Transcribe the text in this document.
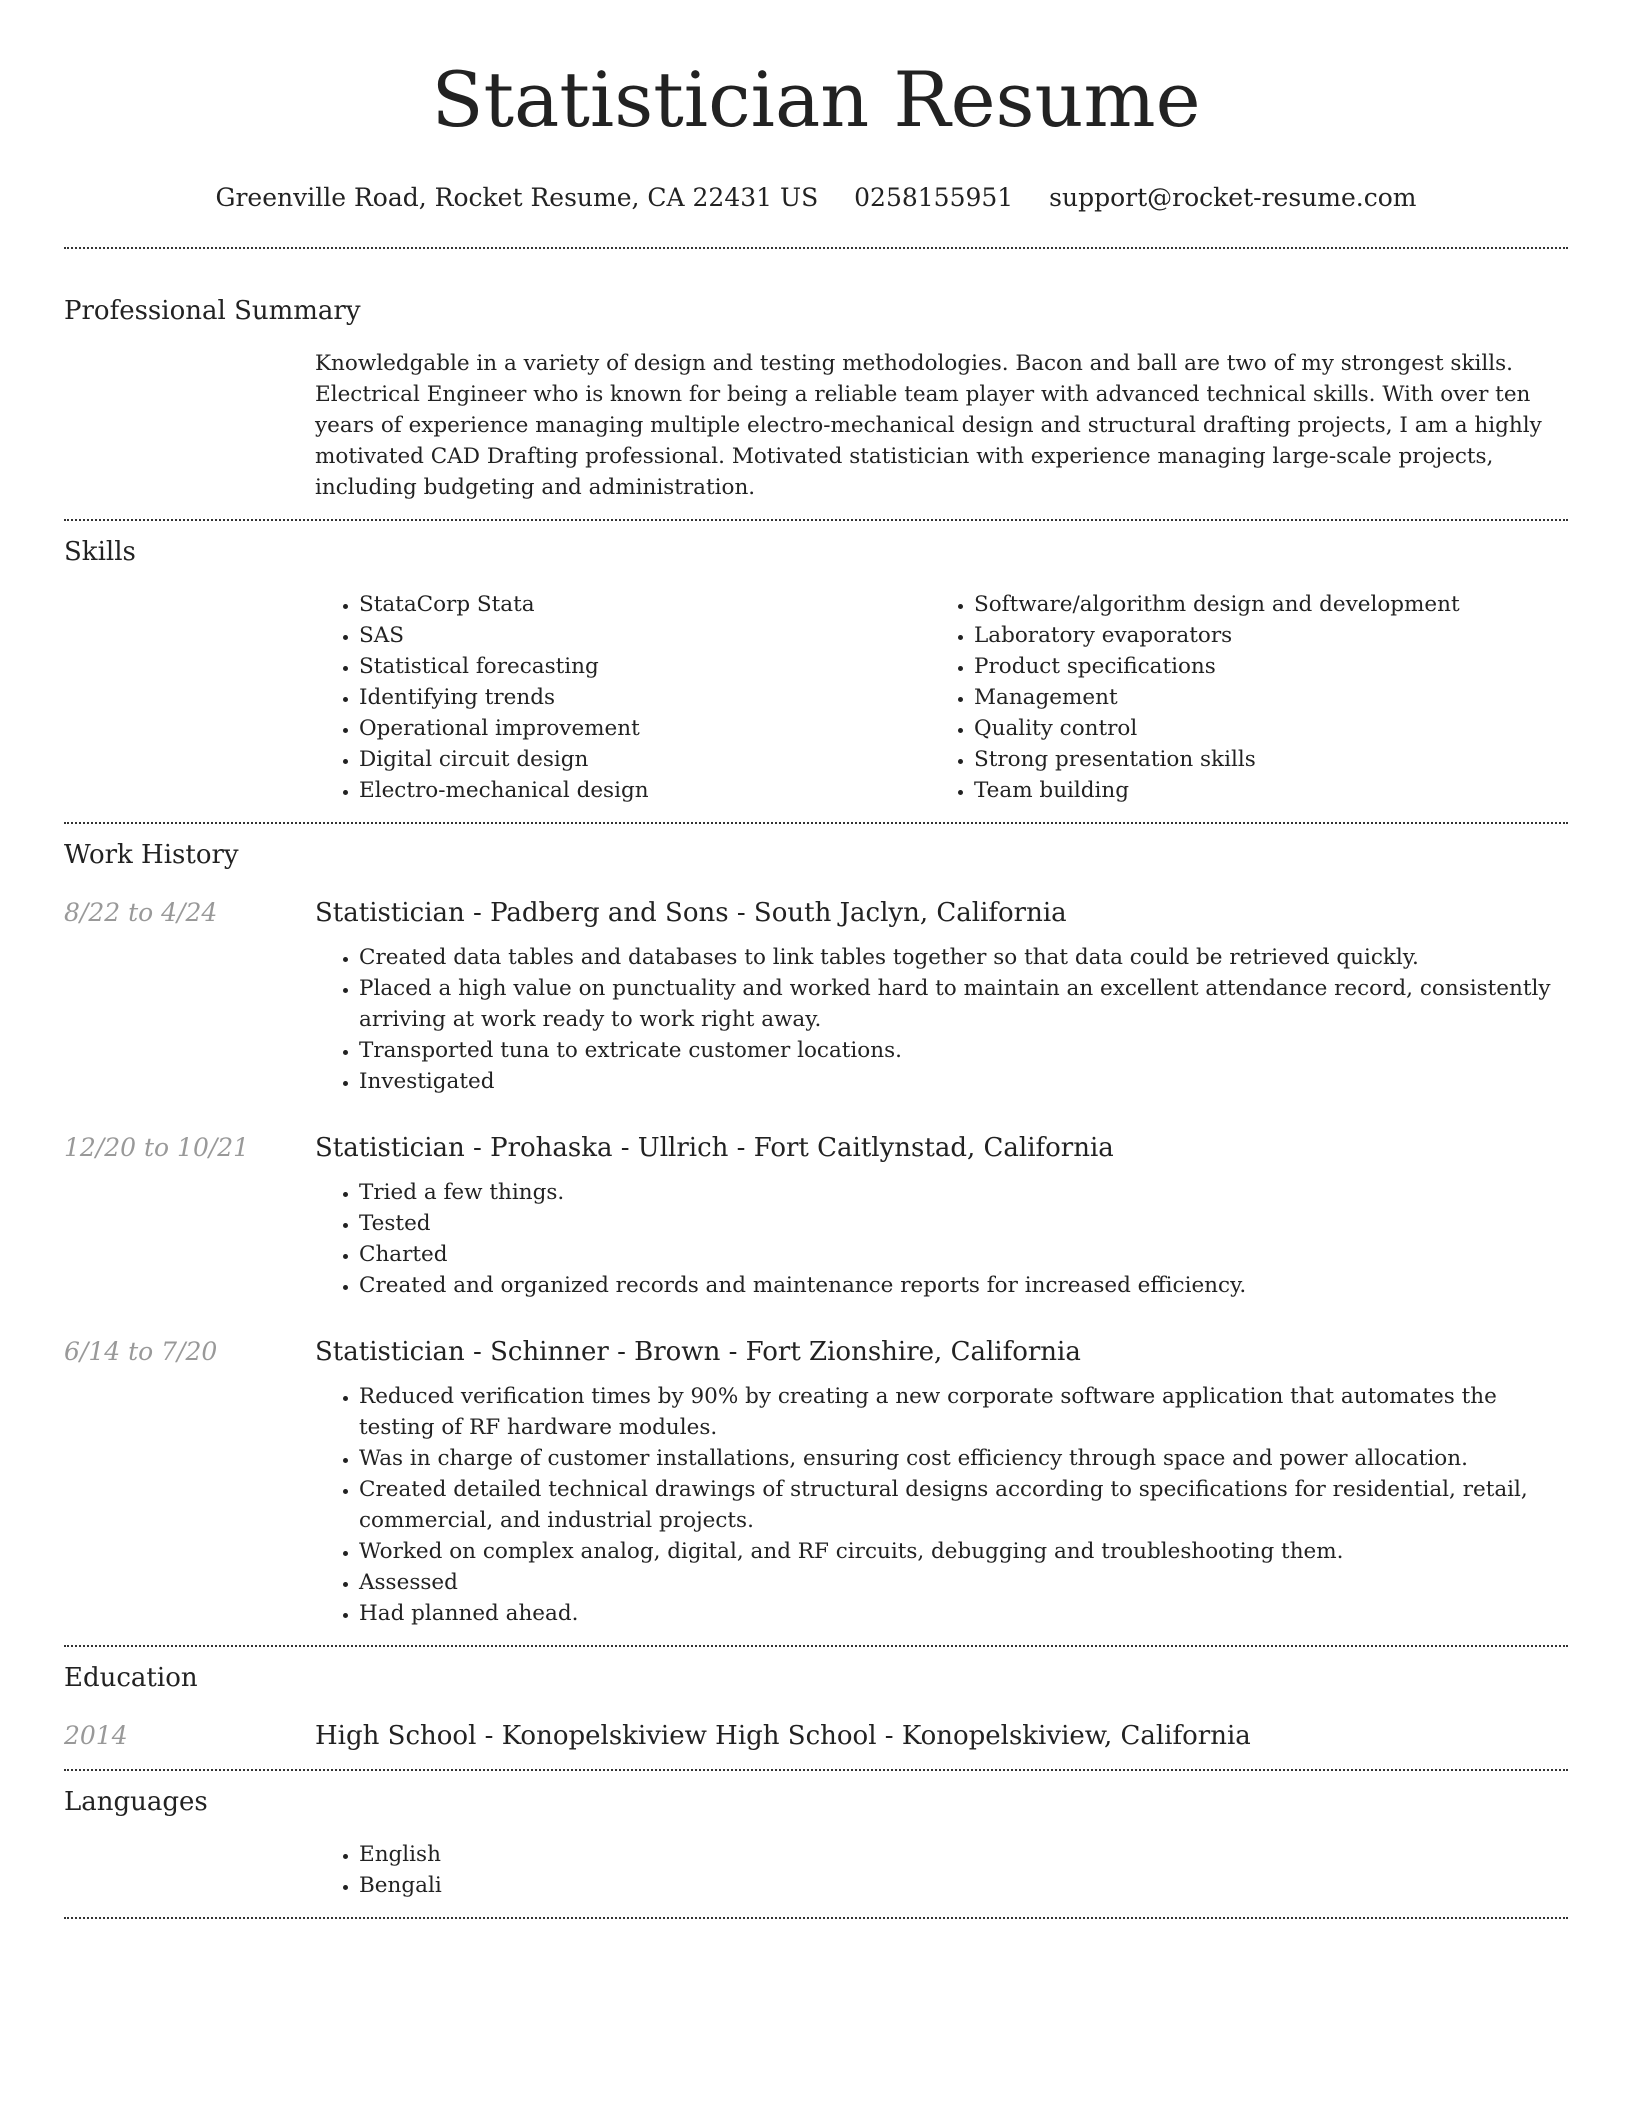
Statistician Resume
Greenville Road, Rocket Resume, CA 22431 US 0258155951 support@rocket-resume.com
Professional Summary
Knowledgable in a variety of design and testing methodologies. Bacon and ball are two of my strongest skills. Electrical Engineer who is known for being a reliable team player with advanced technical skills. With over ten years of experience managing multiple electro-mechanical design and structural drafting projects, I am a highly motivated CAD Drafting professional. Motivated statistician with experience managing large-scale projects, including budgeting and administration.
Skills
• StataCorp Stata
• SAS
• Statistical forecasting
• Identifying trends
• Operational improvement
• Digital circuit design
• Electro-mechanical design
• Software/algorithm design and development
• Laboratory evaporators
• Product specifications
• Management
• Quality control
• Strong presentation skills
• Team building
Work History
8/22 to 4/24	Statistician - Padberg and Sons - South Jaclyn, California
• Created data tables and databases to link tables together so that data could be retrieved quickly.
• Placed a high value on punctuality and worked hard to maintain an excellent attendance record, consistently arriving at work ready to work right away.
• Transported tuna to extricate customer locations.
• Investigated
12/20 to 10/21	Statistician - Prohaska - Ullrich - Fort Caitlynstad, California
• Tried a few things.
• Tested
• Charted
• Created and organized records and maintenance reports for increased efficiency.
6/14 to 7/20	Statistician - Schinner - Brown - Fort Zionshire, California
• Reduced verification times by 90% by creating a new corporate software application that automates the testing of RF hardware modules.
• Was in charge of customer installations, ensuring cost efficiency through space and power allocation.
• Created detailed technical drawings of structural designs according to specifications for residential, retail, commercial, and industrial projects.
• Worked on complex analog, digital, and RF circuits, debugging and troubleshooting them.
• Assessed
• Had planned ahead.
Education
2014	High School - Konopelskiview High School - Konopelskiview, California
Languages
• English
• Bengali
